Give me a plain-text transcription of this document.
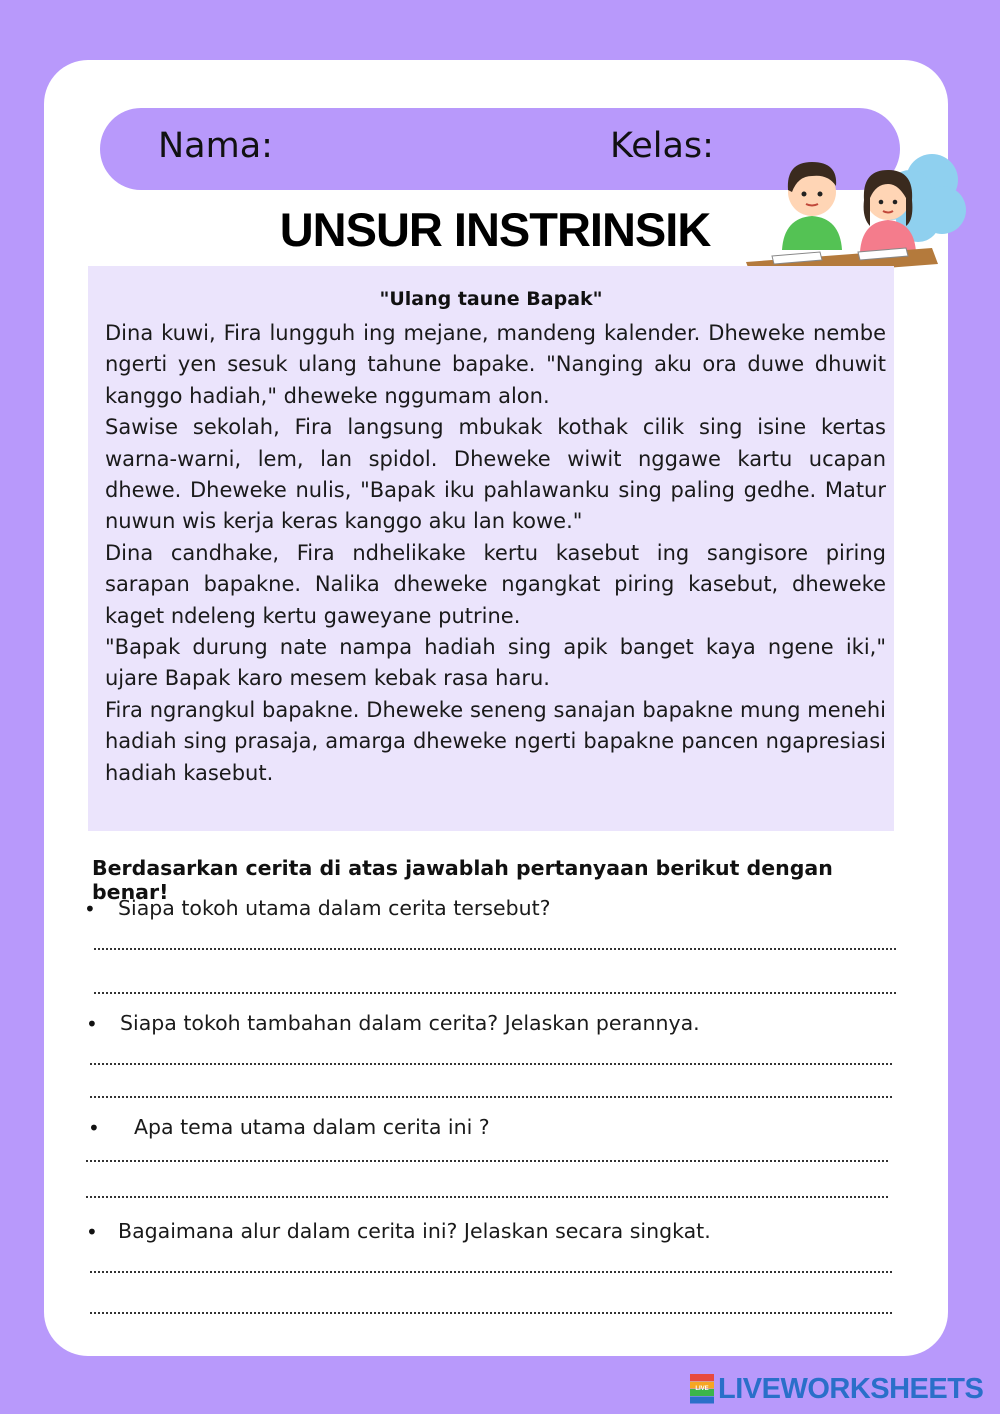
Nama:	Kelas:
UNSUR INSTRINSIK
"Ulang taune Bapak"

Dina kuwi, Fira lungguh ing mejane, mandeng kalender. Dheweke nembe ngerti yen sesuk ulang tahune bapake. "Nanging aku ora duwe dhuwit kanggo hadiah," dheweke nggumam alon.

Sawise sekolah, Fira langsung mbukak kothak cilik sing isine kertas warna-warni, lem, lan spidol. Dheweke wiwit nggawe kartu ucapan dhewe. Dheweke nulis, "Bapak iku pahlawanku sing paling gedhe. Matur nuwun wis kerja keras kanggo aku lan kowe."

Dina candhake, Fira ndhelikake kertu kasebut ing sangisore piring sarapan bapakne. Nalika dheweke ngangkat piring kasebut, dheweke kaget ndeleng kertu gaweyane putrine.

"Bapak durung nate nampa hadiah sing apik banget kaya ngene iki," ujare Bapak karo mesem kebak rasa haru.

Fira ngrangkul bapakne. Dheweke seneng sanajan bapakne mung menehi hadiah sing prasaja, amarga dheweke ngerti bapakne pancen ngapresiasi hadiah kasebut.

Berdasarkan cerita di atas jawablah pertanyaan berikut dengan benar!
• Siapa tokoh utama dalam cerita tersebut?
• Siapa tokoh tambahan dalam cerita? Jelaskan perannya.
• Apa tema utama dalam cerita ini ?
• Bagaimana alur dalam cerita ini? Jelaskan secara singkat.
LIVE LIVEWORKSHEETS
